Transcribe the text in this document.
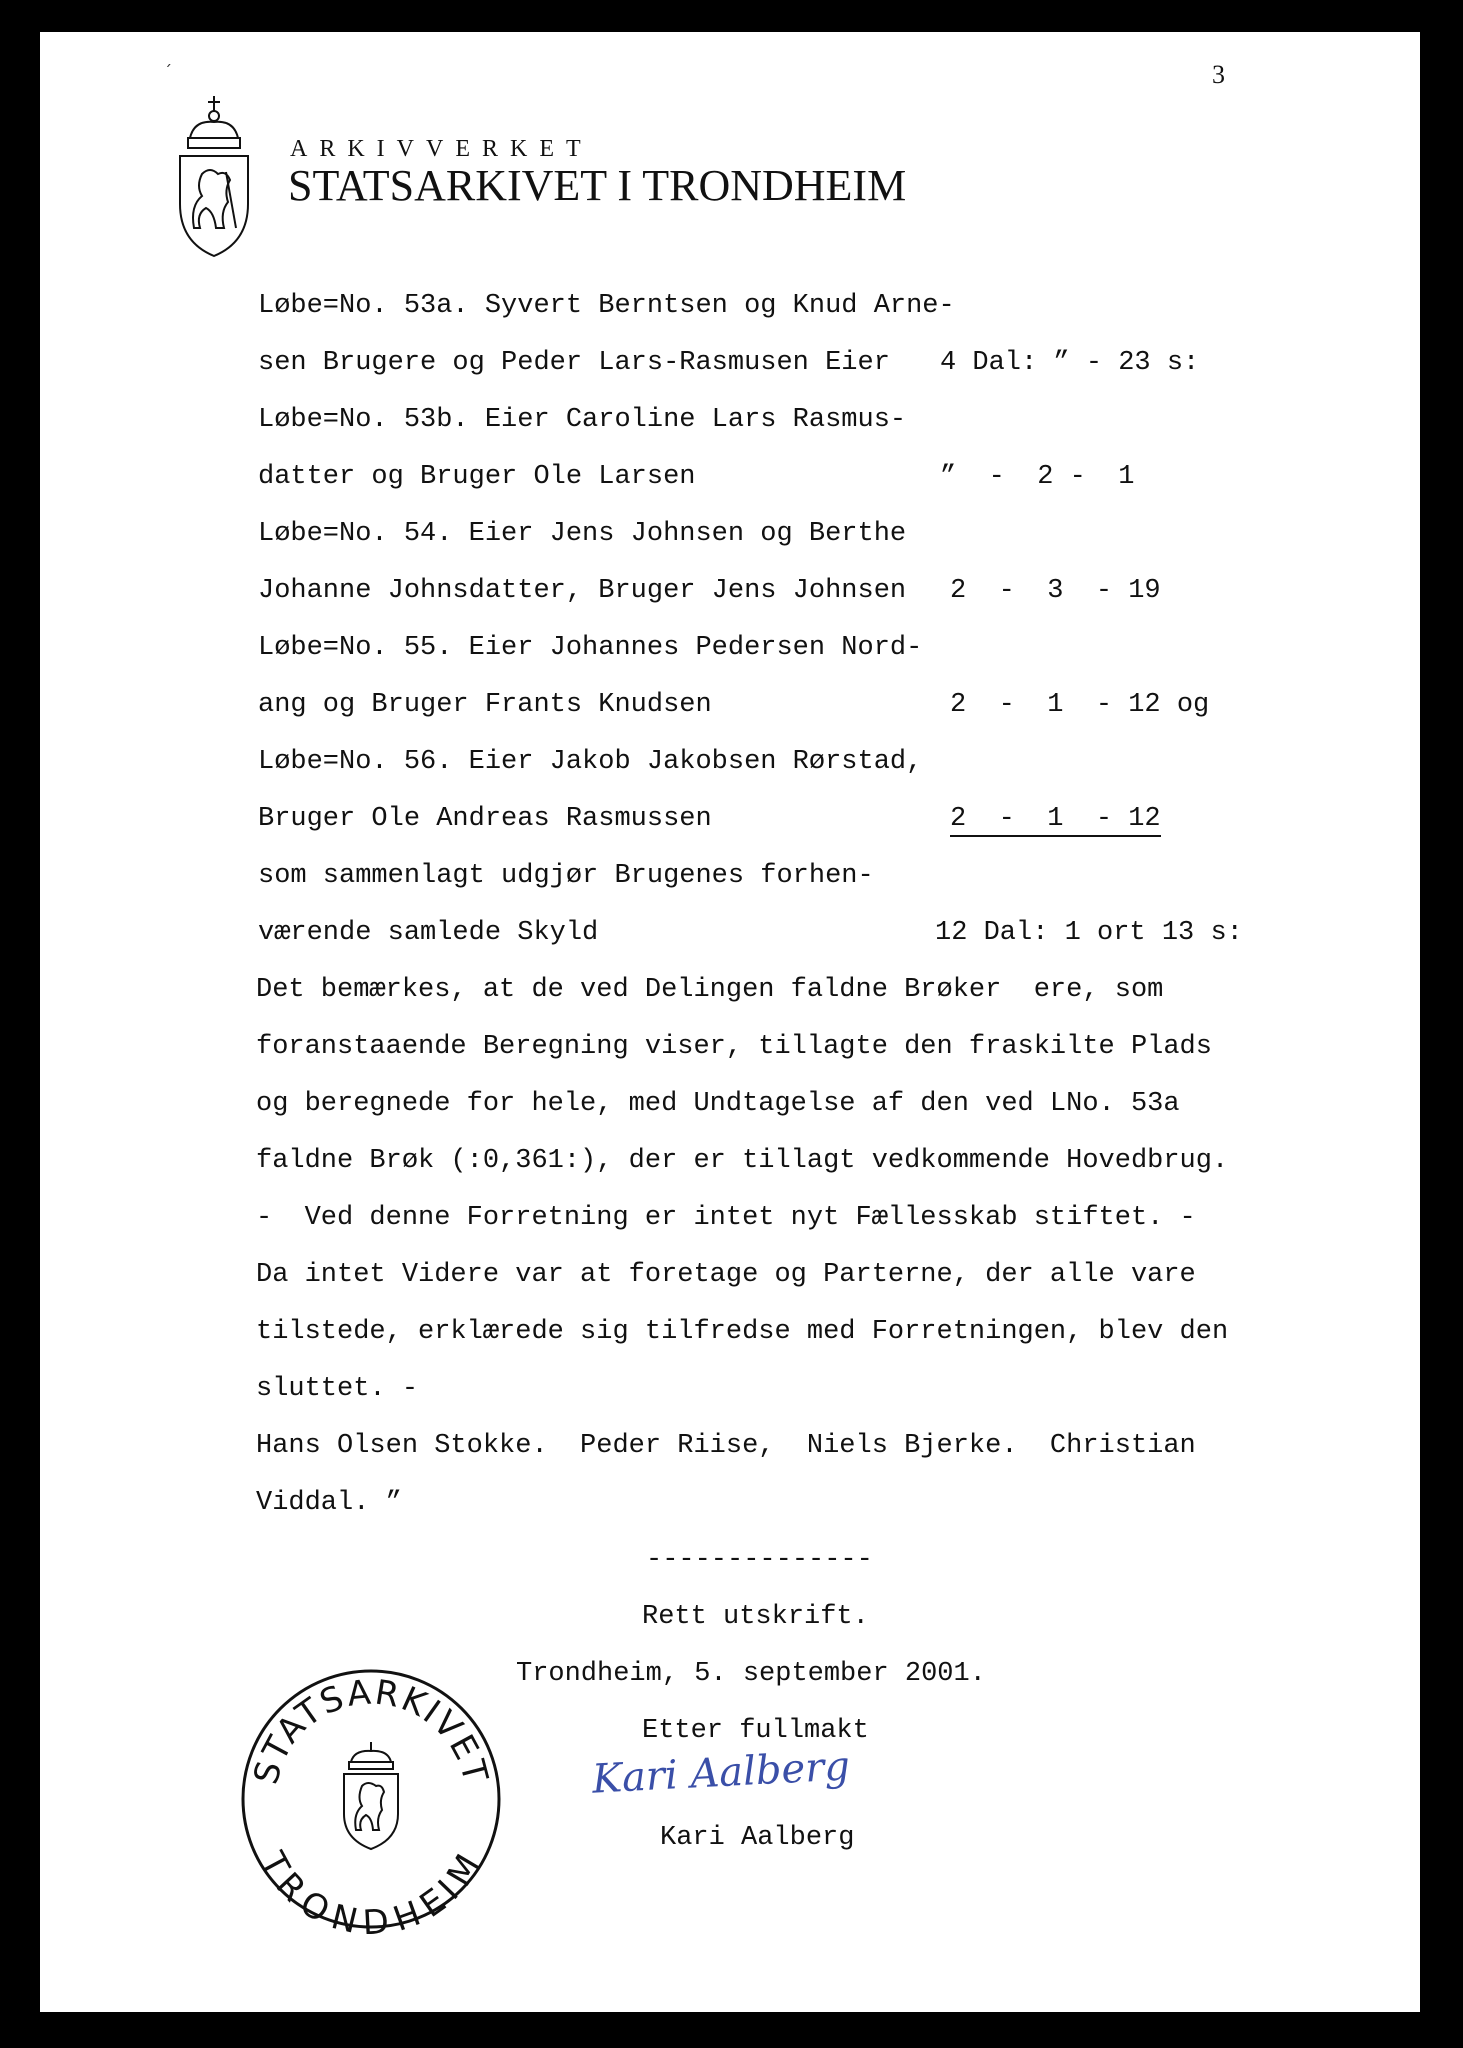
3
´
ARKIVVERKET
STATSARKIVET I TRONDHEIM
Løbe=No. 53a. Syvert Berntsen og Knud Arne-
sen Brugere og Peder Lars-Rasmusen Eier 4 Dal: ” - 23 s:
Løbe=No. 53b. Eier Caroline Lars Rasmus-
datter og Bruger Ole Larsen	”  -  2 -  1
Løbe=No. 54. Eier Jens Johnsen og Berthe
Johanne Johnsdatter, Bruger Jens Johnsen 2  -  3  - 19
Løbe=No. 55. Eier Johannes Pedersen Nord-
ang og Bruger Frants Knudsen	2  -  1  - 12 og
Løbe=No. 56. Eier Jakob Jakobsen Rørstad,
Bruger Ole Andreas Rasmussen	2  -  1  - 12
som sammenlagt udgjør Brugenes forhen-
værende samlede Skyld	12 Dal: 1 ort 13 s:
Det bemærkes, at de ved Delingen faldne Brøker  ere, som
foranstaaende Beregning viser, tillagte den fraskilte Plads
og beregnede for hele, med Undtagelse af den ved LNo. 53a
faldne Brøk (:0,361:), der er tillagt vedkommende Hovedbrug.
-  Ved denne Forretning er intet nyt Fællesskab stiftet. -
Da intet Videre var at foretage og Parterne, der alle vare
tilstede, erklærede sig tilfredse med Forretningen, blev den
sluttet. -
Hans Olsen Stokke.  Peder Riise,  Niels Bjerke.  Christian
Viddal. ”
--------------
Rett utskrift.
Trondheim, 5. september 2001.
Etter fullmakt
Kari Aalberg
Kari Aalberg
STATSARKIVET
TRONDHEIM
